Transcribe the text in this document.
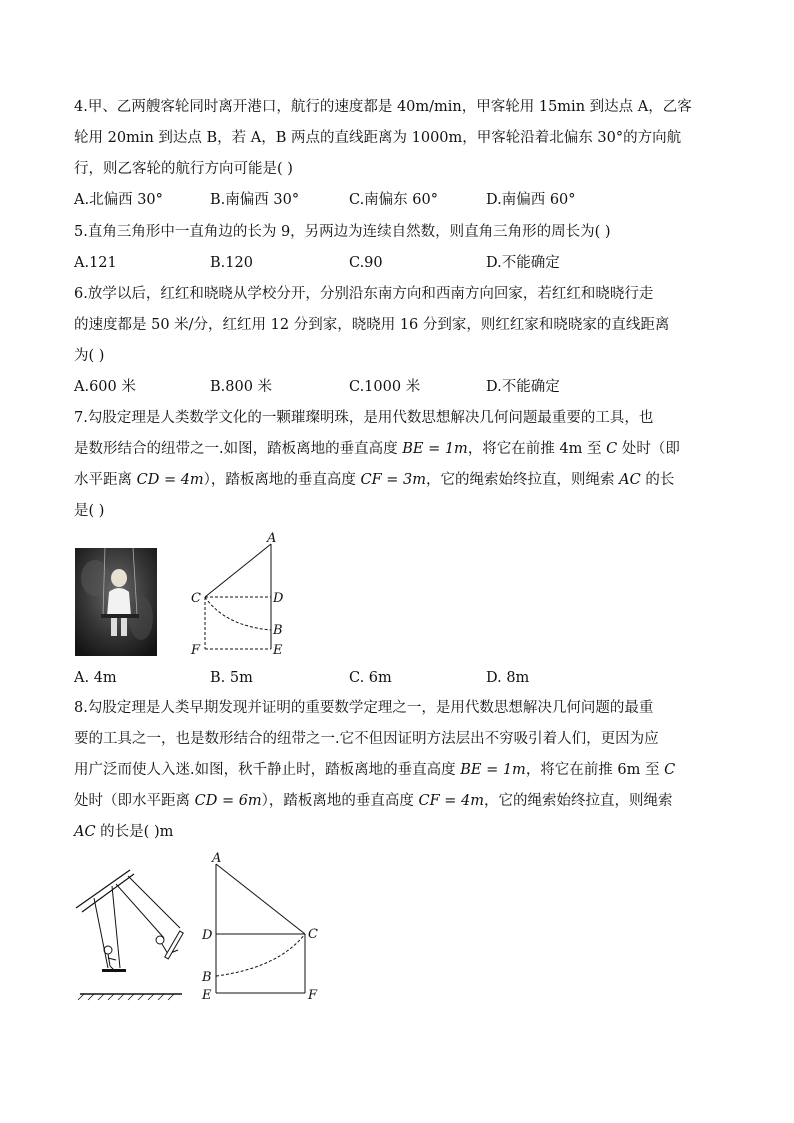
4.甲、乙两艘客轮同时离开港口，航行的速度都是 40m/min，甲客轮用 15min 到达点 A，乙客
轮用 20min 到达点 B，若 A，B 两点的直线距离为 1000m，甲客轮沿着北偏东 30°的方向航
行，则乙客轮的航行方向可能是( )
A.北偏西 30°	B.南偏西 30°	C.南偏东 60°	D.南偏西 60°
5.直角三角形中一直角边的长为 9，另两边为连续自然数，则直角三角形的周长为( )
A.121	B.120	C.90	D.不能确定
6.放学以后，红红和晓晓从学校分开，分别沿东南方向和西南方向回家，若红红和晓晓行走
的速度都是 50 米/分，红红用 12 分到家，晓晓用 16 分到家，则红红家和晓晓家的直线距离
为( )
A.600 米	B.800 米	C.1000 米	D.不能确定
7.勾股定理是人类数学文化的一颗璀璨明珠，是用代数思想解决几何问题最重要的工具，也
是数形结合的纽带之一.如图，踏板离地的垂直高度 BE = 1m，将它在前推 4m 至 C 处时（即
水平距离 CD = 4m），踏板离地的垂直高度 CF = 3m，它的绳索始终拉直，则绳索 AC 的长
是( )
A
C	D
B
F	E
A. 4m	B. 5m	C. 6m	D. 8m
8.勾股定理是人类早期发现并证明的重要数学定理之一，是用代数思想解决几何问题的最重
要的工具之一，也是数形结合的纽带之一.它不但因证明方法层出不穷吸引着人们，更因为应
用广泛而使人入迷.如图，秋千静止时，踏板离地的垂直高度 BE = 1m，将它在前推 6m 至 C
处时（即水平距离 CD = 6m），踏板离地的垂直高度 CF = 4m，它的绳索始终拉直，则绳索
AC 的长是( )m
A
D	C
B
E	F
